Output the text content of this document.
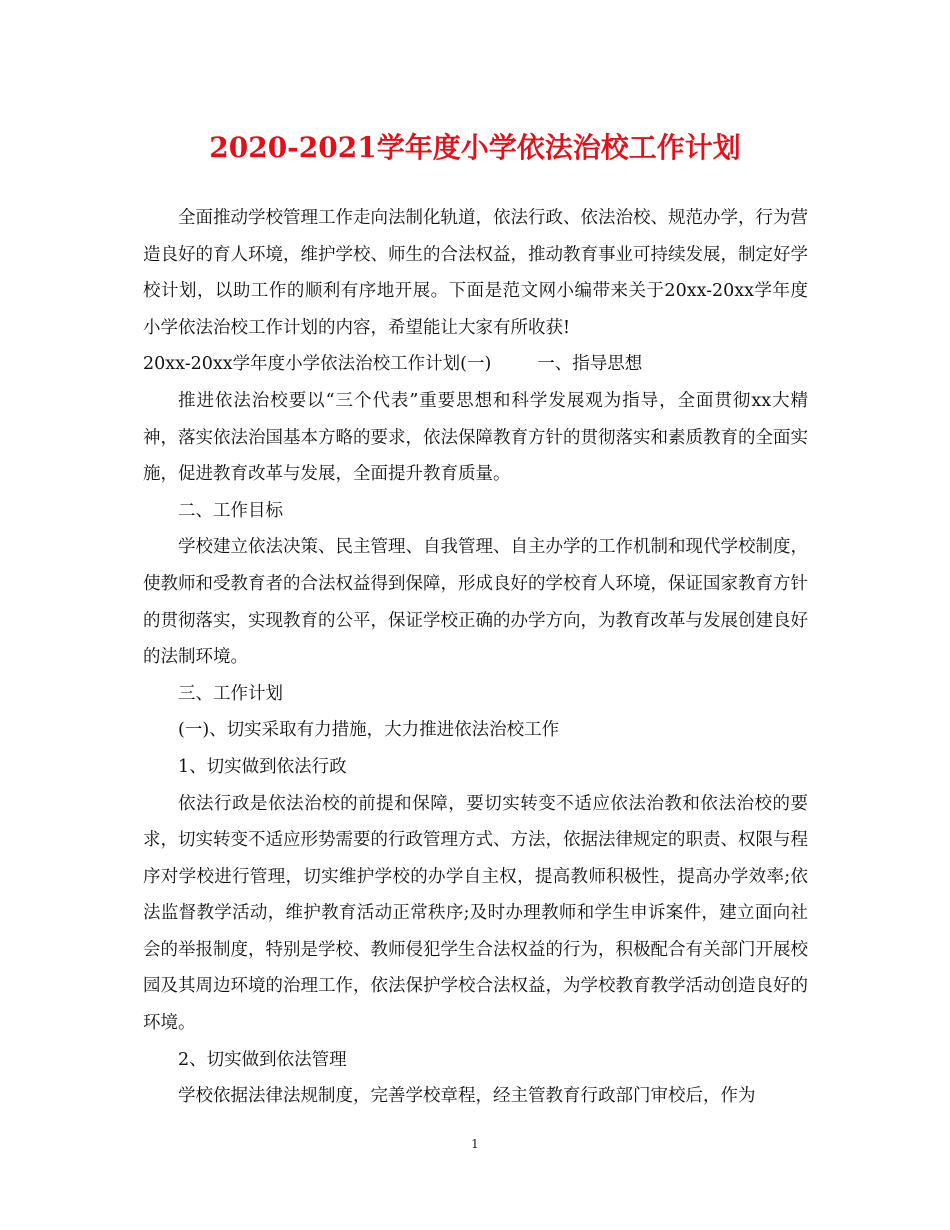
2020-2021学年度小学依法治校工作计划

全面推动学校管理工作走向法制化轨道，依法行政、依法治校、规范办学，行为营造良好的育人环境，维护学校、师生的合法权益，推动教育事业可持续发展，制定好学校计划，以助工作的顺利有序地开展。下面是范文网小编带来关于20xx-20xx学年度小学依法治校工作计划的内容，希望能让大家有所收获!

20xx-20xx学年度小学依法治校工作计划(一)	一、指导思想

推进依法治校要以“三个代表”重要思想和科学发展观为指导，全面贯彻xx大精神，落实依法治国基本方略的要求，依法保障教育方针的贯彻落实和素质教育的全面实施，促进教育改革与发展，全面提升教育质量。

二、工作目标

学校建立依法决策、民主管理、自我管理、自主办学的工作机制和现代学校制度，使教师和受教育者的合法权益得到保障，形成良好的学校育人环境，保证国家教育方针的贯彻落实，实现教育的公平，保证学校正确的办学方向，为教育改革与发展创建良好的法制环境。

三、工作计划

(一)、切实采取有力措施，大力推进依法治校工作

1、切实做到依法行政

依法行政是依法治校的前提和保障，要切实转变不适应依法治教和依法治校的要求，切实转变不适应形势需要的行政管理方式、方法，依据法律规定的职责、权限与程序对学校进行管理，切实维护学校的办学自主权，提高教师积极性，提高办学效率;依法监督教学活动，维护教育活动正常秩序;及时办理教师和学生申诉案件，建立面向社会的举报制度，特别是学校、教师侵犯学生合法权益的行为，积极配合有关部门开展校园及其周边环境的治理工作，依法保护学校合法权益，为学校教育教学活动创造良好的环境。

2、切实做到依法管理

学校依据法律法规制度，完善学校章程，经主管教育行政部门审校后，作为

1
